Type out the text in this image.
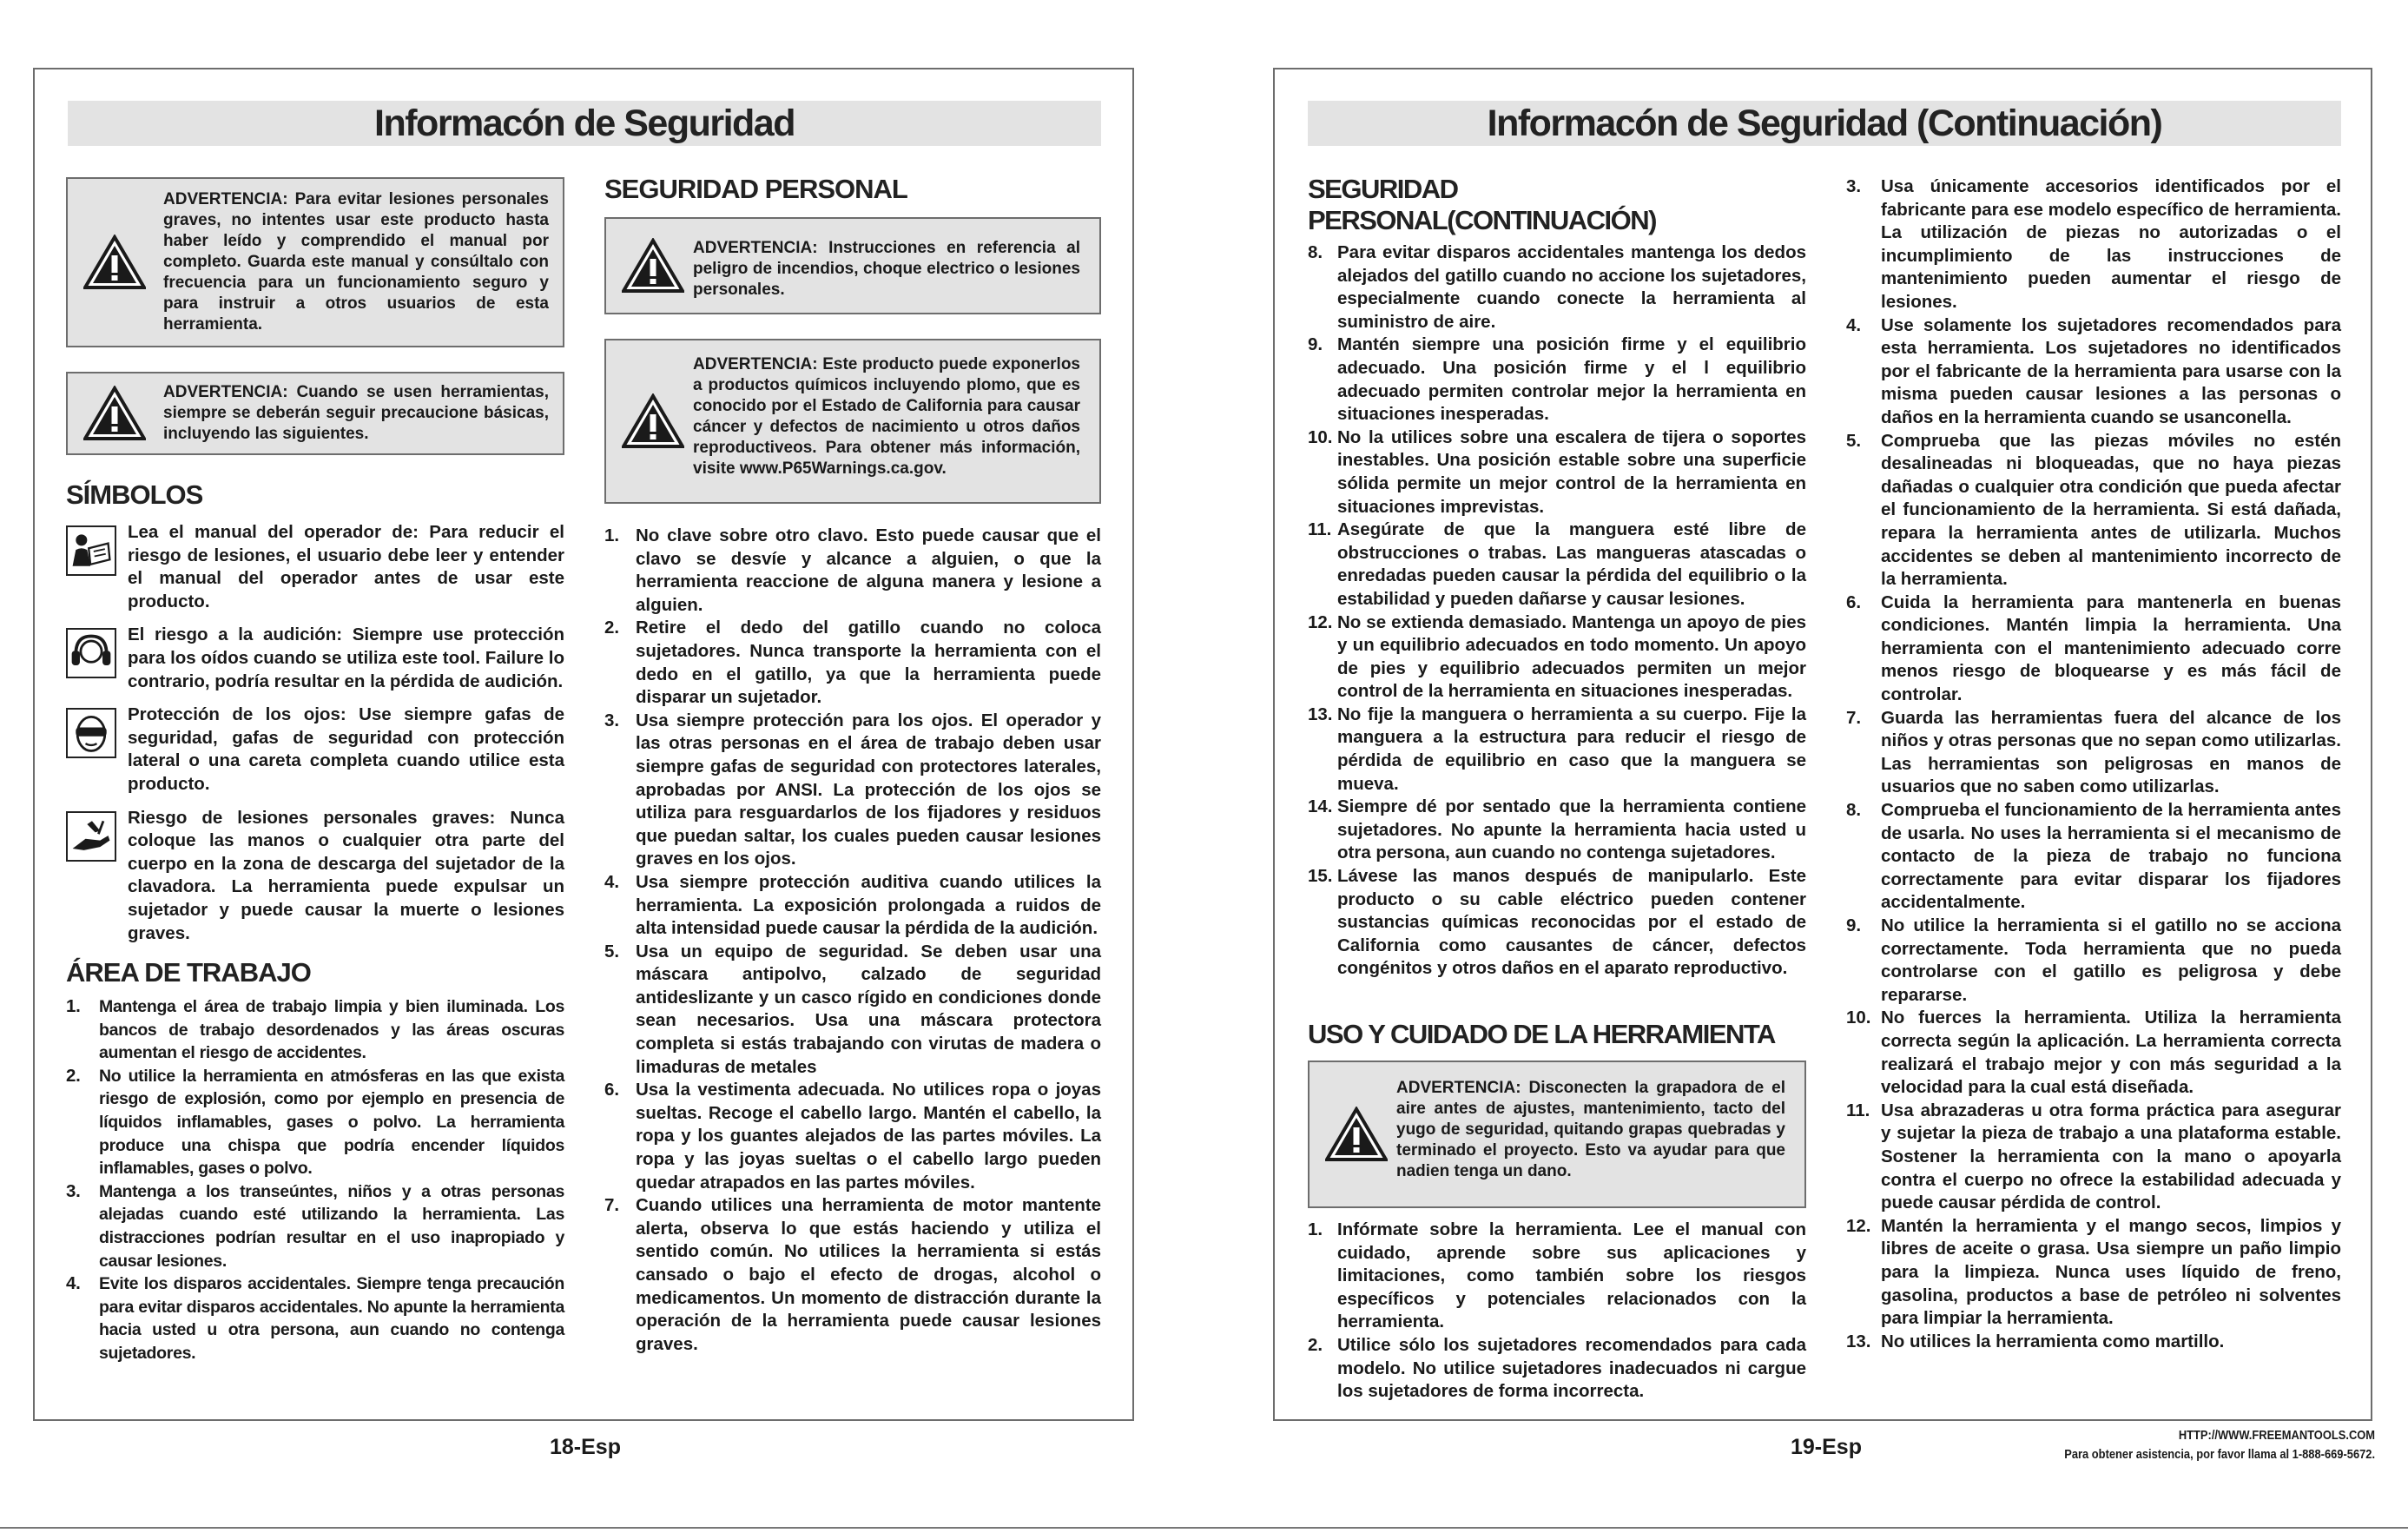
Informacón de Seguridad

ADVERTENCIA: Para evitar lesiones personales graves, no intentes usar este producto hasta haber leído y comprendido el manual por completo. Guarda este manual y consúltalo con frecuencia para un funcionamiento seguro y para instruir a otros usuarios de esta herramienta.

ADVERTENCIA: Cuando se usen herramientas, siempre se deberán seguir precaucione básicas, incluyendo las siguientes.

SÍMBOLOS

Lea el manual del operador de: Para reducir el riesgo de lesiones, el usuario debe leer y entender el manual del operador antes de usar este producto.

El riesgo a la audición: Siempre use protección para los oídos cuando se utiliza este tool. Failure lo contrario, podría resultar en la pérdida de audición.

Protección de los ojos: Use siempre gafas de seguridad, gafas de seguridad con protección lateral o una careta completa cuando utilice esta producto.

Riesgo de lesiones personales graves: Nunca coloque las manos o cualquier otra parte del cuerpo en la zona de descarga del sujetador de la clavadora. La herramienta puede expulsar un sujetador y puede causar la muerte o lesiones graves.

ÁREA DE TRABAJO
1.	Mantenga el área de trabajo limpia y bien iluminada. Los bancos de trabajo desordenados y las áreas oscuras aumentan el riesgo de accidentes.

2.	No utilice la herramienta en atmósferas en las que exista riesgo de explosión, como por ejemplo en presencia de líquidos inflamables, gases o polvo. La herramienta produce una chispa que podría encender líquidos inflamables, gases o polvo.

3.	Mantenga a los transeúntes, niños y a otras personas alejadas cuando esté utilizando la herramienta. Las distracciones podrían resultar en el uso inapropiado y causar lesiones.

4.	Evite los disparos accidentales. Siempre tenga precaución para evitar disparos accidentales. No apunte la herramienta hacia usted u otra persona, aun cuando no contenga sujetadores.

SEGURIDAD PERSONAL

ADVERTENCIA: Instrucciones en referencia al peligro de incendios, choque electrico o lesiones personales.

ADVERTENCIA: Este producto puede exponerlos a productos químicos incluyendo plomo, que es conocido por el Estado de California para causar cáncer y defectos de nacimiento u otros daños reproductiveos. Para obtener más información, visite www.P65Warnings.ca.gov.

1. No clave sobre otro clavo. Esto puede causar que el clavo se desvíe y alcance a alguien, o que la herramienta reaccione de alguna manera y lesione a alguien.

2. Retire el dedo del gatillo cuando no coloca sujetadores. Nunca transporte la herramienta con el dedo en el gatillo, ya que la herramienta puede disparar un sujetador.

3. Usa siempre protección para los ojos. El operador y las otras personas en el área de trabajo deben usar siempre gafas de seguridad con protectores laterales, aprobadas por ANSI. La protección de los ojos se utiliza para resguardarlos de los fijadores y residuos que puedan saltar, los cuales pueden causar lesiones graves en los ojos.

4. Usa siempre protección auditiva cuando utilices la herramienta. La exposición prolongada a ruidos de alta intensidad puede causar la pérdida de la audición.

5. Usa un equipo de seguridad. Se deben usar una máscara antipolvo, calzado de seguridad antideslizante y un casco rígido en condiciones donde sean necesarios. Usa una máscara protectora completa si estás trabajando con virutas de madera o limaduras de metales

6. Usa la vestimenta adecuada. No utilices ropa o joyas sueltas. Recoge el cabello largo. Mantén el cabello, la ropa y los guantes alejados de las partes móviles. La ropa y las joyas sueltas o el cabello largo pueden quedar atrapados en las partes móviles.

7. Cuando utilices una herramienta de motor mantente alerta, observa lo que estás haciendo y utiliza el sentido común. No utilices la herramienta si estás cansado o bajo el efecto de drogas, alcohol o medicamentos. Un momento de distracción durante la operación de la herramienta puede causar lesiones graves.

18-Esp
Informacón de Seguridad (Continuación)
SEGURIDAD PERSONAL(CONTINUACIÓN)
8. Para evitar disparos accidentales mantenga los dedos alejados del gatillo cuando no accione los sujetadores, especialmente cuando conecte la herramienta al suministro de aire.

9. Mantén siempre una posición firme y el equilibrio adecuado. Una posición firme y el l equilibrio adecuado permiten controlar mejor la herramienta en situaciones inesperadas.

10. No la utilices sobre una escalera de tijera o soportes inestables. Una posición estable sobre una superficie sólida permite un mejor control de la herramienta en situaciones imprevistas.

11. Asegúrate de que la manguera esté libre de obstrucciones o trabas. Las mangueras atascadas o enredadas pueden causar la pérdida del equilibrio o la estabilidad y pueden dañarse y causar lesiones.

12. No se extienda demasiado. Mantenga un apoyo de pies y un equilibrio adecuados en todo momento. Un apoyo de pies y equilibrio adecuados permiten un mejor control de la herramienta en situaciones inesperadas.

13. No fije la manguera o herramienta a su cuerpo. Fije la manguera a la estructura para reducir el riesgo de pérdida de equilibrio en caso que la manguera se mueva.

14. Siempre dé por sentado que la herramienta contiene sujetadores. No apunte la herramienta hacia usted u otra persona, aun cuando no contenga sujetadores.

15. Lávese las manos después de manipularlo. Este producto o su cable eléctrico pueden contener sustancias químicas reconocidas por el estado de California como causantes de cáncer, defectos congénitos y otros daños en el aparato reproductivo.

USO Y CUIDADO DE LA HERRAMIENTA

ADVERTENCIA: Disconecten la grapadora de el aire antes de ajustes, mantenimiento, tacto del yugo de seguridad, quitando grapas quebradas y terminado el proyecto. Esto va ayudar para que nadien tenga un dano.

1. Infórmate sobre la herramienta. Lee el manual con cuidado, aprende sobre sus aplicaciones y limitaciones, como también sobre los riesgos específicos y potenciales relacionados con la herramienta.

2. Utilice sólo los sujetadores recomendados para cada modelo. No utilice sujetadores inadecuados ni cargue los sujetadores de forma incorrecta.

3.	Usa únicamente accesorios identificados por el fabricante para ese modelo específico de herramienta. La utilización de piezas no autorizadas o el incumplimiento de las instrucciones de mantenimiento pueden aumentar el riesgo de lesiones.

4.	Use solamente los sujetadores recomendados para esta herramienta. Los sujetadores no identificados por el fabricante de la herramienta para usarse con la misma pueden causar lesiones a las personas o daños en la herramienta cuando se usanconella.

5.	Comprueba que las piezas móviles no estén desalineadas ni bloqueadas, que no haya piezas dañadas o cualquier otra condición que pueda afectar el funcionamiento de la herramienta. Si está dañada, repara la herramienta antes de utilizarla. Muchos accidentes se deben al mantenimiento incorrecto de la herramienta.

6.	Cuida la herramienta para mantenerla en buenas condiciones. Mantén limpia la herramienta. Una herramienta con el mantenimiento adecuado corre menos riesgo de bloquearse y es más fácil de controlar.

7.	Guarda las herramientas fuera del alcance de los niños y otras personas que no sepan como utilizarlas. Las herramientas son peligrosas en manos de usuarios que no saben como utilizarlas.

8.	Comprueba el funcionamiento de la herramienta antes de usarla. No uses la herramienta si el mecanismo de contacto de la pieza de trabajo no funciona correctamente para evitar disparar los fijadores accidentalmente.

9.	No utilice la herramienta si el gatillo no se acciona correctamente. Toda herramienta que no pueda controlarse con el gatillo es peligrosa y debe repararse.

10. No fuerces la herramienta. Utiliza la herramienta correcta según la aplicación. La herramienta correcta realizará el trabajo mejor y con más seguridad a la velocidad para la cual está diseñada.

11. Usa abrazaderas u otra forma práctica para asegurar y sujetar la pieza de trabajo a una plataforma estable. Sostener la herramienta con la mano o apoyarla contra el cuerpo no ofrece la estabilidad adecuada y puede causar pérdida de control.

12. Mantén la herramienta y el mango secos, limpios y libres de aceite o grasa. Usa siempre un paño limpio para la limpieza. Nunca uses líquido de freno, gasolina, productos a base de petróleo ni solventes para limpiar la herramienta.

13. No utilices la herramienta como martillo.

19-Esp	HTTP://WWW.FREEMANTOOLS.COM
Para obtener asistencia, por favor llama al 1-888-669-5672.
